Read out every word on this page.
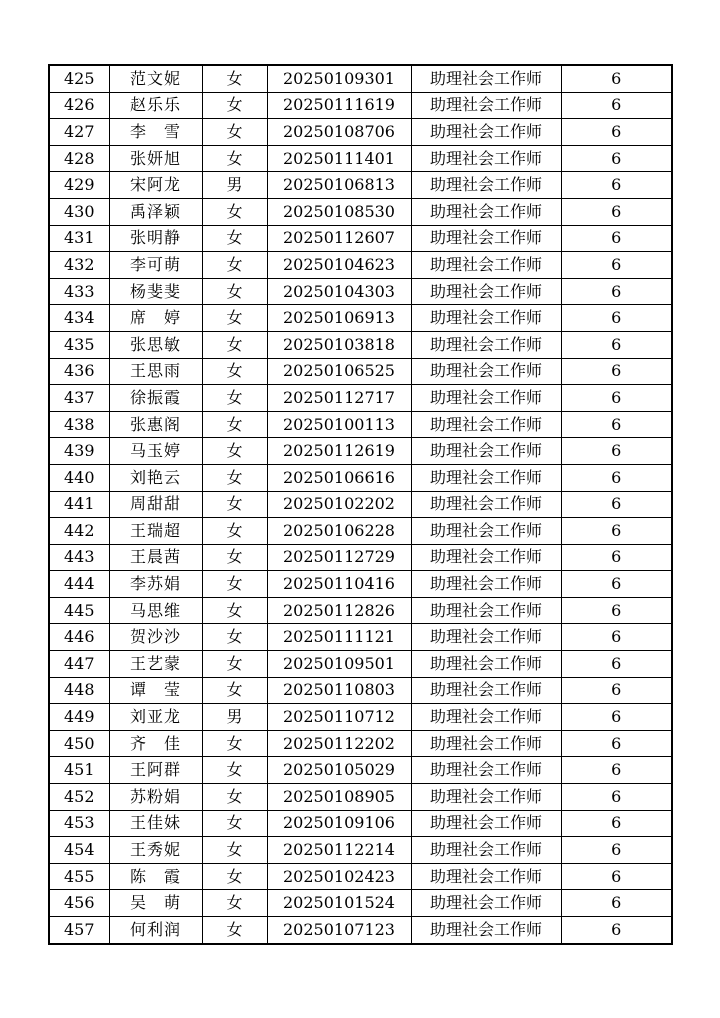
425	范文妮	女	20250109301	助理社会工作师	6
426	赵乐乐	女	20250111619	助理社会工作师	6
427	李　雪	女	20250108706	助理社会工作师	6
428	张妍旭	女	20250111401	助理社会工作师	6
429	宋阿龙	男	20250106813	助理社会工作师	6
430	禹泽颖	女	20250108530	助理社会工作师	6
431	张明静	女	20250112607	助理社会工作师	6
432	李可萌	女	20250104623	助理社会工作师	6
433	杨斐斐	女	20250104303	助理社会工作师	6
434	席　婷	女	20250106913	助理社会工作师	6
435	张思敏	女	20250103818	助理社会工作师	6
436	王思雨	女	20250106525	助理社会工作师	6
437	徐振霞	女	20250112717	助理社会工作师	6
438	张惠阁	女	20250100113	助理社会工作师	6
439	马玉婷	女	20250112619	助理社会工作师	6
440	刘艳云	女	20250106616	助理社会工作师	6
441	周甜甜	女	20250102202	助理社会工作师	6
442	王瑞超	女	20250106228	助理社会工作师	6
443	王晨茜	女	20250112729	助理社会工作师	6
444	李苏娟	女	20250110416	助理社会工作师	6
445	马思维	女	20250112826	助理社会工作师	6
446	贺沙沙	女	20250111121	助理社会工作师	6
447	王艺蒙	女	20250109501	助理社会工作师	6
448	谭　莹	女	20250110803	助理社会工作师	6
449	刘亚龙	男	20250110712	助理社会工作师	6
450	齐　佳	女	20250112202	助理社会工作师	6
451	王阿群	女	20250105029	助理社会工作师	6
452	苏粉娟	女	20250108905	助理社会工作师	6
453	王佳妹	女	20250109106	助理社会工作师	6
454	王秀妮	女	20250112214	助理社会工作师	6
455	陈　霞	女	20250102423	助理社会工作师	6
456	吴　萌	女	20250101524	助理社会工作师	6
457	何利润	女	20250107123	助理社会工作师	6
